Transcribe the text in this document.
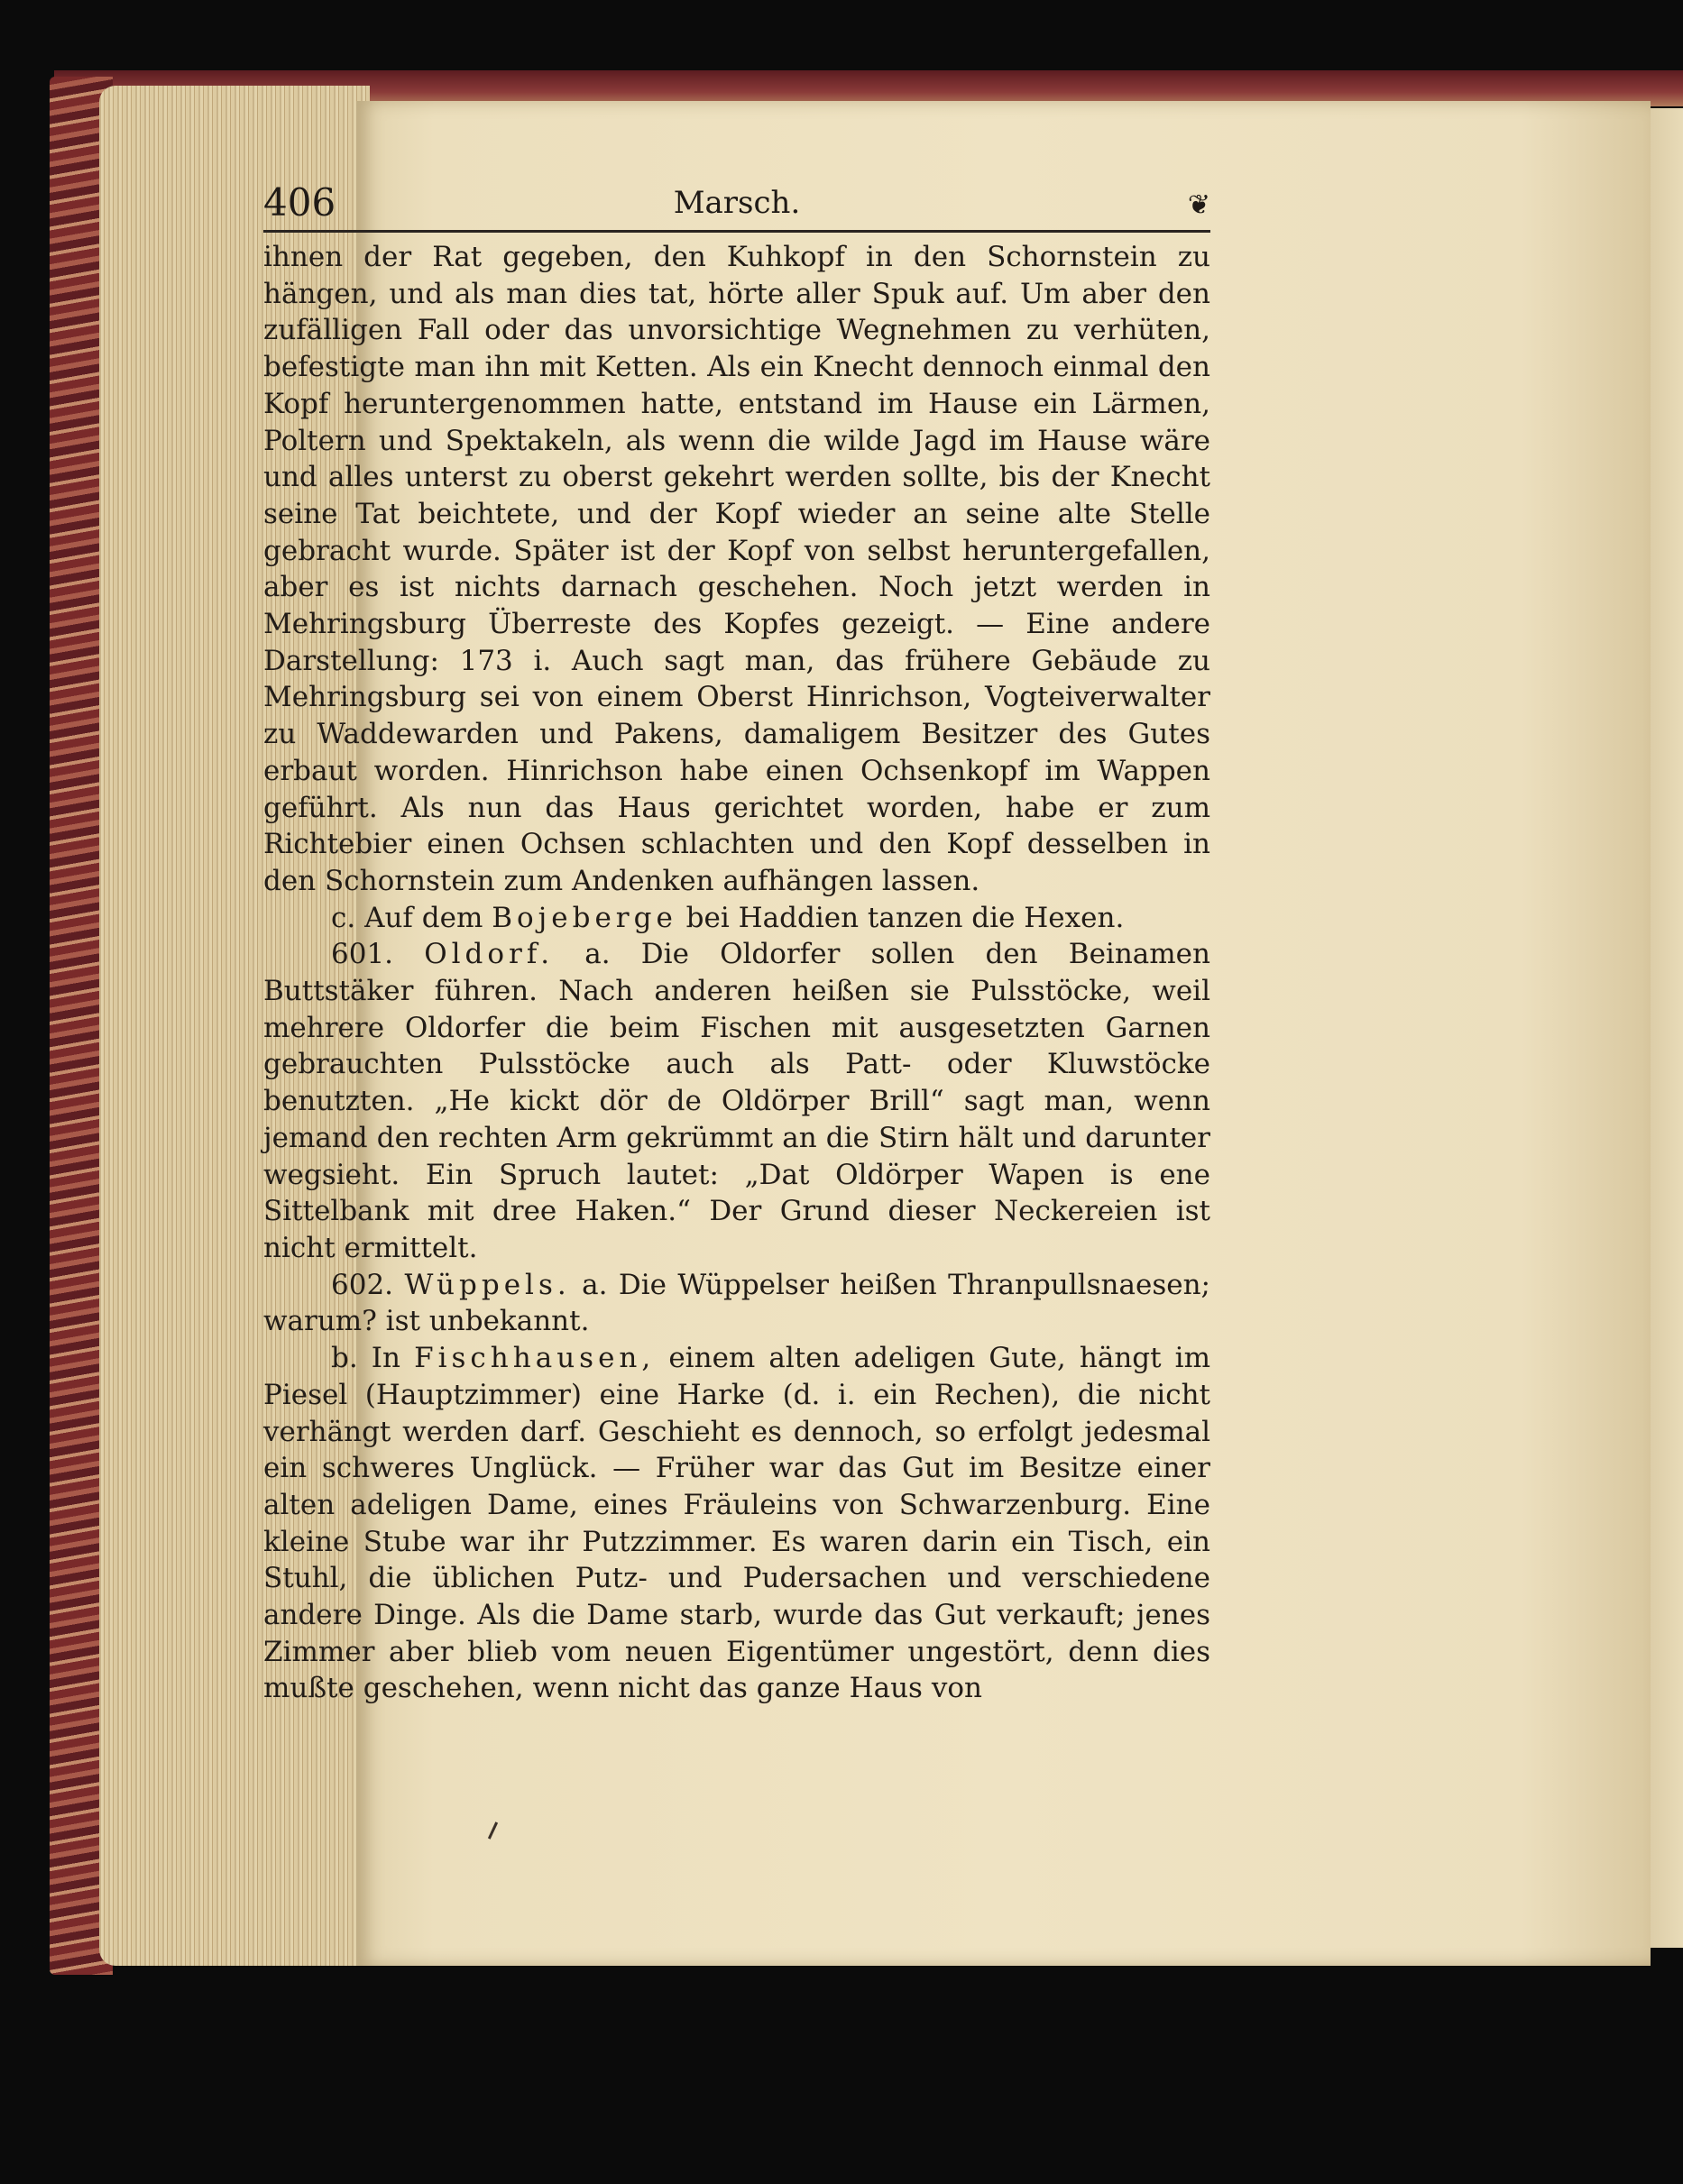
406	Marsch.	❦

ihnen der Rat gegeben, den Kuhkopf in den Schornstein zu hängen, und als man dies tat, hörte aller Spuk auf. Um aber den zufälligen Fall oder das unvorsichtige Wegnehmen zu verhüten, befestigte man ihn mit Ketten. Als ein Knecht dennoch einmal den Kopf heruntergenommen hatte, entstand im Hause ein Lärmen, Poltern und Spektakeln, als wenn die wilde Jagd im Hause wäre und alles unterst zu oberst gekehrt werden sollte, bis der Knecht seine Tat beichtete, und der Kopf wieder an seine alte Stelle gebracht wurde. Später ist der Kopf von selbst heruntergefallen, aber es ist nichts darnach geschehen. Noch jetzt werden in Mehringsburg Überreste des Kopfes gezeigt. — Eine andere Darstellung: 173 i. Auch sagt man, das frühere Gebäude zu Mehringsburg sei von einem Oberst Hinrichson, Vogteiverwalter zu Waddewarden und Pakens, damaligem Besitzer des Gutes erbaut worden. Hinrichson habe einen Ochsenkopf im Wappen geführt. Als nun das Haus gerichtet worden, habe er zum Richtebier einen Ochsen schlachten und den Kopf desselben in den Schornstein zum Andenken aufhängen lassen.

c. Auf dem Bojeberge bei Haddien tanzen die Hexen.

601. Oldorf. a. Die Oldorfer sollen den Beinamen Buttstäker führen. Nach anderen heißen sie Pulsstöcke, weil mehrere Oldorfer die beim Fischen mit ausgesetzten Garnen gebrauchten Pulsstöcke auch als Patt- oder Kluwstöcke benutzten. „He kickt dör de Oldörper Brill“ sagt man, wenn jemand den rechten Arm gekrümmt an die Stirn hält und darunter wegsieht. Ein Spruch lautet: „Dat Oldörper Wapen is ene Sittelbank mit dree Haken.“ Der Grund dieser Neckereien ist nicht ermittelt.

602. Wüppels. a. Die Wüppelser heißen Thranpullsnaesen; warum? ist unbekannt.

b. In Fischhausen, einem alten adeligen Gute, hängt im Piesel (Hauptzimmer) eine Harke (d. i. ein Rechen), die nicht verhängt werden darf. Geschieht es dennoch, so erfolgt jedesmal ein schweres Unglück. — Früher war das Gut im Besitze einer alten adeligen Dame, eines Fräuleins von Schwarzenburg. Eine kleine Stube war ihr Putzzimmer. Es waren darin ein Tisch, ein Stuhl, die üblichen Putz- und Pudersachen und verschiedene andere Dinge. Als die Dame starb, wurde das Gut verkauft; jenes Zimmer aber blieb vom neuen Eigentümer ungestört, denn dies mußte geschehen, wenn nicht das ganze Haus von
